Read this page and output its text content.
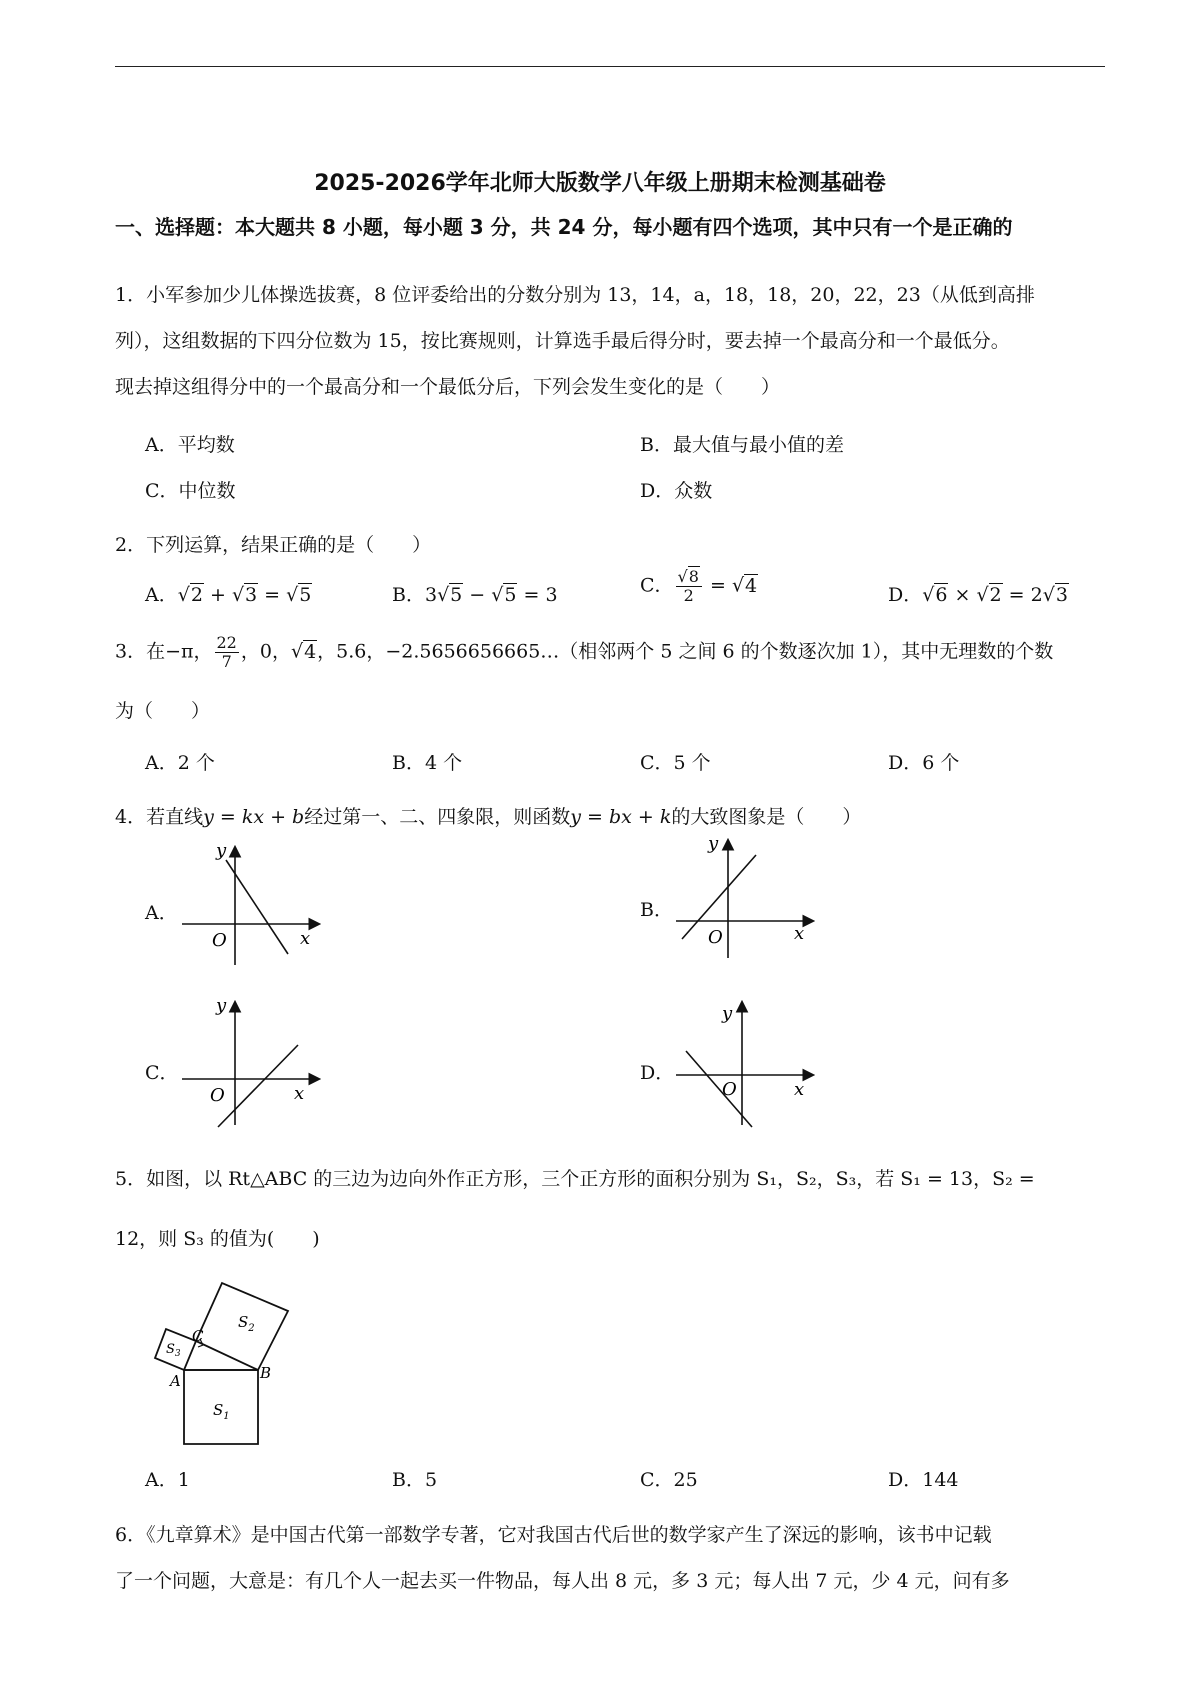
2025-2026学年北师大版数学八年级上册期末检测基础卷
一、选择题：本大题共 8 小题，每小题 3 分，共 24 分，每小题有四个选项，其中只有一个是正确的
1．小军参加少儿体操选拔赛，8 位评委给出的分数分别为 13，14，a，18，18，20，22，23（从低到高排
列），这组数据的下四分位数为 15，按比赛规则，计算选手最后得分时，要去掉一个最高分和一个最低分。
现去掉这组得分中的一个最高分和一个最低分后，下列会发生变化的是（　　）
A．平均数	B．最大值与最小值的差
C．中位数	D．众数
2．下列运算，结果正确的是（　　）
A．√2 + √3 = √5	B．3√5 − √5 = 3	C． $\frac{√8}{2} = √4$	D．√6 × √2 = 2√3
3．在−π， $\frac{22}{7}$ ，0，√4，5.6，−2.5656656665…（相邻两个 5 之间 6 的个数逐次加 1），其中无理数的个数
为（　　）
A．2 个	B．4 个	C．5 个	D．6 个
4．若直线y = kx + b经过第一、二、四象限，则函数y = bx + k的大致图象是（　　）
A．
y
x
O
B．
y
x
O
C．
y
x
O
D．
y
x
O
5．如图，以 Rt△ABC 的三边为边向外作正方形，三个正方形的面积分别为 S₁，S₂，S₃，若 S₁ = 13，S₂ =
12，则 S₃ 的值为(　　)
A	B
C
$S_1$
$S_2$
$S_3$
A．1	B．5	C．25	D．144
6．《九章算术》是中国古代第一部数学专著，它对我国古代后世的数学家产生了深远的影响，该书中记载
了一个问题，大意是：有几个人一起去买一件物品，每人出 8 元，多 3 元；每人出 7 元，少 4 元，问有多
